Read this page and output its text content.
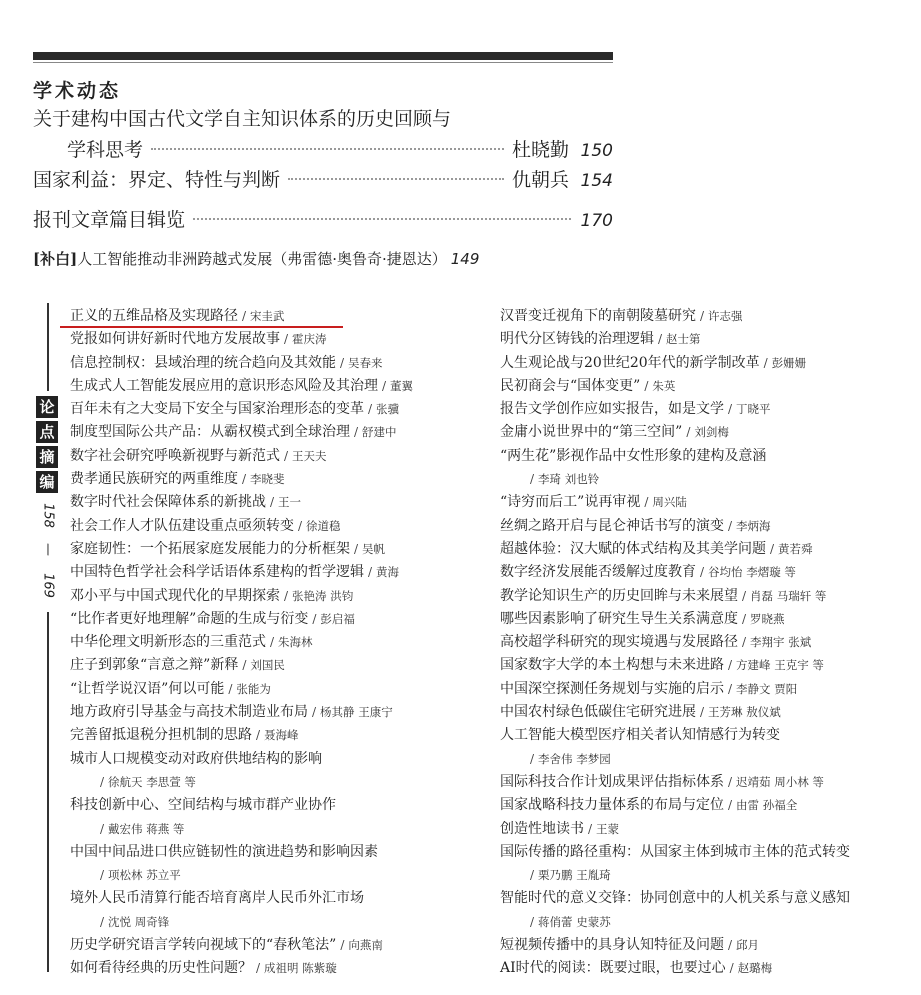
学术动态
关于建构中国古代文学自主知识体系的历史回顾与
学科思考	杜晓勤 150
国家利益：界定、特性与判断	仇朝兵 154
报刊文章篇目辑览	170
[补白]人工智能推动非洲跨越式发展（弗雷德·奥鲁奇·捷恩达） 149
论
点
摘
编
158
—
169
正义的五维品格及实现路径 / 宋圭武
党报如何讲好新时代地方发展故事 / 霍庆涛
信息控制权：县域治理的统合趋向及其效能 / 吴春来
生成式人工智能发展应用的意识形态风险及其治理 / 董翼
百年未有之大变局下安全与国家治理形态的变革 / 张骥
制度型国际公共产品：从霸权模式到全球治理 / 舒建中
数字社会研究呼唤新视野与新范式 / 王天夫
费孝通民族研究的两重维度 / 李晓斐
数字时代社会保障体系的新挑战 / 王一
社会工作人才队伍建设重点亟须转变 / 徐道稳
家庭韧性：一个拓展家庭发展能力的分析框架 / 吴帆
中国特色哲学社会科学话语体系建构的哲学逻辑 / 黄海
邓小平与中国式现代化的早期探索 / 张艳涛 洪钧
“比作者更好地理解”命题的生成与衍变 / 彭启福
中华伦理文明新形态的三重范式 / 朱海林
庄子到郭象“言意之辩”新释 / 刘国民
“让哲学说汉语”何以可能 / 张能为
地方政府引导基金与高技术制造业布局 / 杨其静 王康宁
完善留抵退税分担机制的思路 / 聂海峰
城市人口规模变动对政府供地结构的影响
/ 徐航天 李思萱 等
科技创新中心、空间结构与城市群产业协作
/ 戴宏伟 蒋燕 等
中国中间品进口供应链韧性的演进趋势和影响因素
/ 项松林 苏立平
境外人民币清算行能否培育离岸人民币外汇市场
/ 沈悦 周奇锋
历史学研究语言学转向视域下的“春秋笔法” / 向燕南
如何看待经典的历史性问题？ / 成祖明 陈紫璇
汉晋变迁视角下的南朝陵墓研究 / 许志强
明代分区铸钱的治理逻辑 / 赵士第
人生观论战与20世纪20年代的新学制改革 / 彭姗姗
民初商会与“国体变更” / 朱英
报告文学创作应如实报告，如是文学 / 丁晓平
金庸小说世界中的“第三空间” / 刘剑梅
“两生花”影视作品中女性形象的建构及意涵
/ 李琦 刘也铃
“诗穷而后工”说再审视 / 周兴陆
丝绸之路开启与昆仑神话书写的演变 / 李炳海
超越体验：汉大赋的体式结构及其美学问题 / 黄若舜
数字经济发展能否缓解过度教育 / 谷均怡 李熠璇 等
教学论知识生产的历史回眸与未来展望 / 肖磊 马瑞轩 等
哪些因素影响了研究生导生关系满意度 / 罗晓燕
高校超学科研究的现实境遇与发展路径 / 李翔宇 张斌
国家数字大学的本土构想与未来进路 / 方建峰 王克宇 等
中国深空探测任务规划与实施的启示 / 李静文 贾阳
中国农村绿色低碳住宅研究进展 / 王芳琳 敖仪斌
人工智能大模型医疗相关者认知情感行为转变
/ 李舍伟 李梦园
国际科技合作计划成果评估指标体系 / 迟靖茹 周小林 等
国家战略科技力量体系的布局与定位 / 由雷 孙福全
创造性地读书 / 王蒙
国际传播的路径重构：从国家主体到城市主体的范式转变
/ 栗乃鹏 王胤琦
智能时代的意义交锋：协同创意中的人机关系与意义感知
/ 蒋俏蕾 史蒙苏
短视频传播中的具身认知特征及问题 / 邱月
AI时代的阅读：既要过眼，也要过心 / 赵璐梅
